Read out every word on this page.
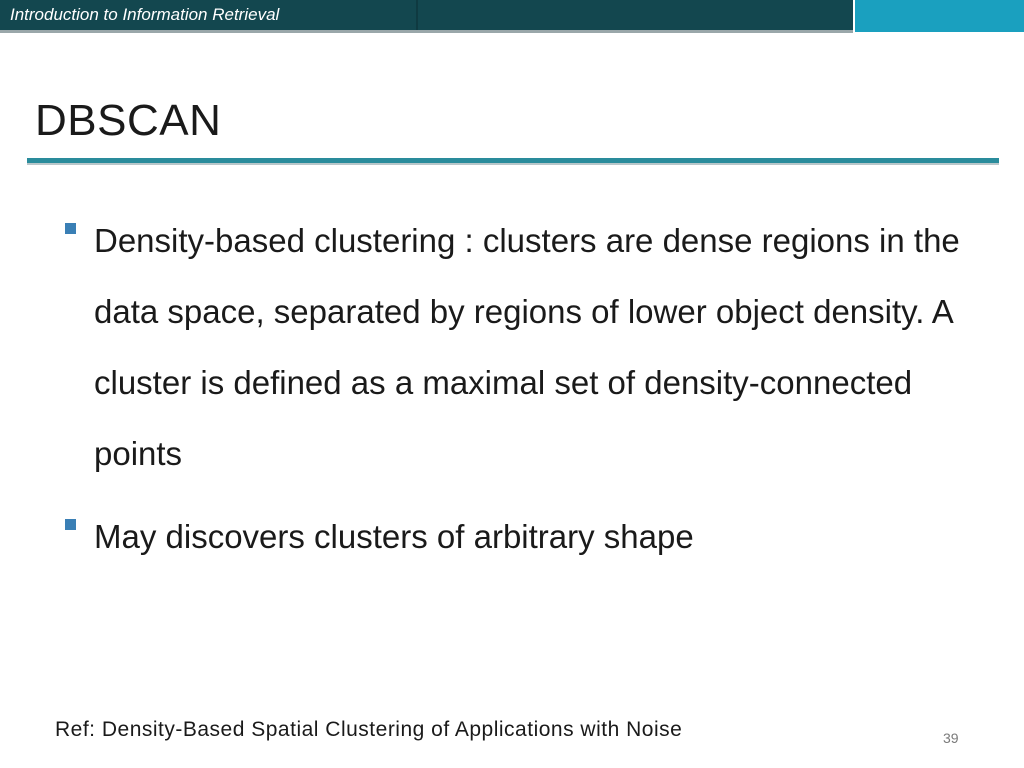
Introduction to Information Retrieval
DBSCAN
Density-based clustering : clusters are dense regions in the data space, separated by regions of lower object density. A cluster is defined as a maximal set of density-connected points
May discovers clusters of arbitrary shape
Ref: Density-Based Spatial Clustering of Applications with Noise	39
